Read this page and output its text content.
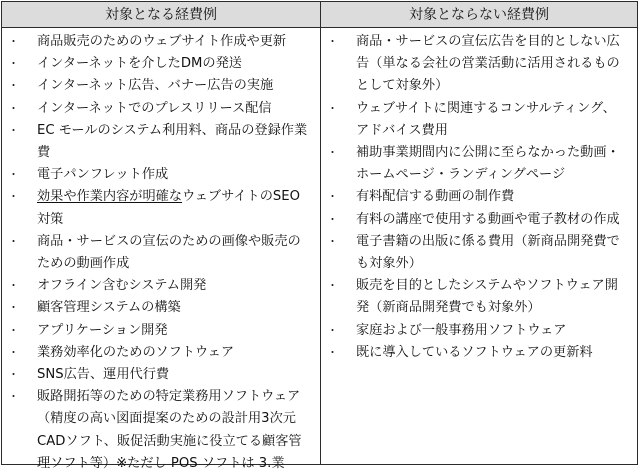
対象となる経費例	対象とならない経費例
・ 商品販売のためのウェブサイト作成や更新
・ インターネットを介したDMの発送
・ インターネット広告、バナー広告の実施
・ インターネットでのプレスリリース配信
・ EC モールのシステム利用料、商品の登録作業費
・ 電子パンフレット作成
・ 効果や作業内容が明確なウェブサイトのSEO 対策
・ 商品・サービスの宣伝のための画像や販売のための動画作成
・ オフライン含むシステム開発
・ 顧客管理システムの構築
・ アプリケーション開発
・ 業務効率化のためのソフトウェア
・ SNS広告、運用代行費
・ 販路開拓等のための特定業務用ソフトウェア（精度の高い図面提案のための設計用3次元CADソフト、販促活動実施に役立てる顧客管理ソフト等）※ただし POS ソフトは 3.業
・ 商品・サービスの宣伝広告を目的としない広告（単なる会社の営業活動に活用されるものとして対象外）
・ ウェブサイトに関連するコンサルティング、アドバイス費用
・ 補助事業期間内に公開に至らなかった動画・ホームページ・ランディングページ
・ 有料配信する動画の制作費
・ 有料の講座で使用する動画や電子教材の作成
・ 電子書籍の出版に係る費用（新商品開発費でも対象外）
・ 販売を目的としたシステムやソフトウェア開発（新商品開発費でも対象外）
・ 家庭および一般事務用ソフトウェア
・ 既に導入しているソフトウェアの更新料
